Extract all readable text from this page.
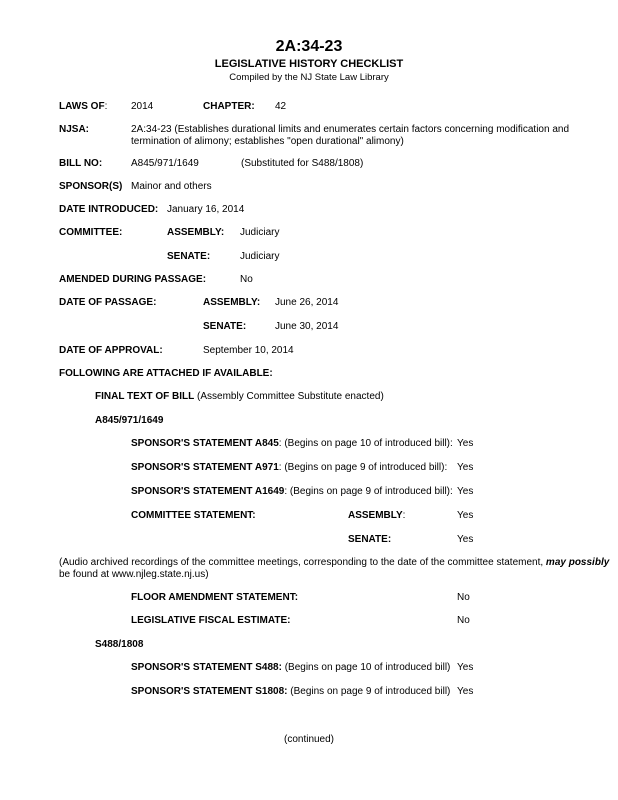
2A:34-23
LEGISLATIVE HISTORY CHECKLIST
Compiled by the NJ State Law Library
LAWS OF: 2014	CHAPTER: 42
NJSA:	2A:34-23 (Establishes durational limits and enumerates certain factors concerning modification and
termination of alimony; establishes "open durational" alimony)
BILL NO:	A845/971/1649	(Substituted for S488/1808)
SPONSOR(S) Mainor and others
DATE INTRODUCED: January 16, 2014
COMMITTEE:	ASSEMBLY: Judiciary
SENATE:	Judiciary
AMENDED DURING PASSAGE:	No
DATE OF PASSAGE:	ASSEMBLY: June 26, 2014
SENATE:	June 30, 2014
DATE OF APPROVAL:	September 10, 2014
FOLLOWING ARE ATTACHED IF AVAILABLE:
FINAL TEXT OF BILL (Assembly Committee Substitute enacted)
A845/971/1649
SPONSOR'S STATEMENT A845: (Begins on page 10 of introduced bill): Yes
SPONSOR'S STATEMENT A971: (Begins on page 9 of introduced bill): Yes
SPONSOR'S STATEMENT A1649: (Begins on page 9 of introduced bill): Yes
COMMITTEE STATEMENT:	ASSEMBLY:	Yes
SENATE:	Yes
(Audio archived recordings of the committee meetings, corresponding to the date of the committee statement, may possibly
be found at www.njleg.state.nj.us)
FLOOR AMENDMENT STATEMENT:	No
LEGISLATIVE FISCAL ESTIMATE:	No
S488/1808
SPONSOR'S STATEMENT S488: (Begins on page 10 of introduced bill) Yes
SPONSOR'S STATEMENT S1808: (Begins on page 9 of introduced bill) Yes
(continued)
